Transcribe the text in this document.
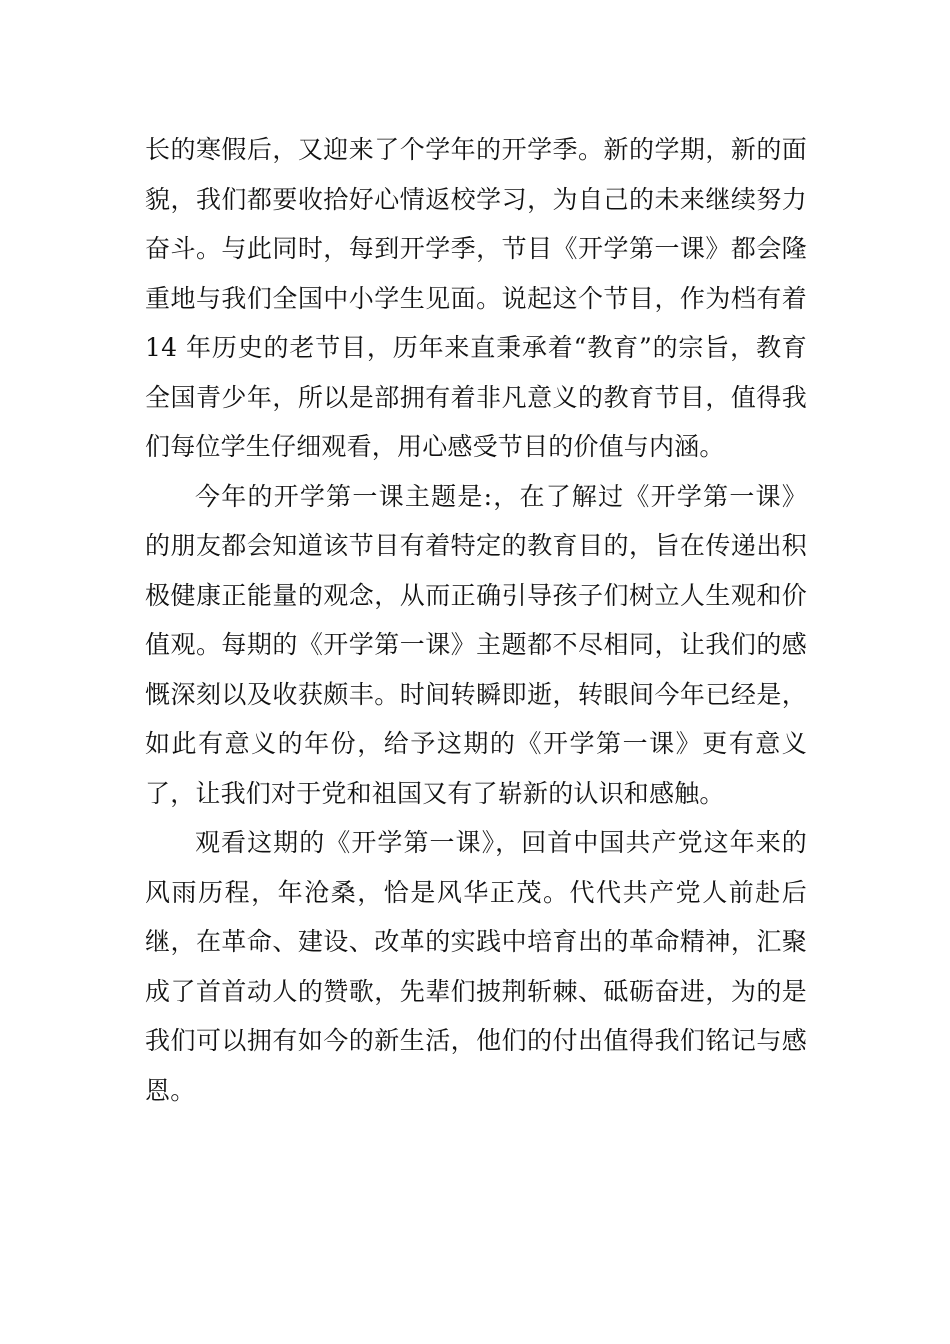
长的寒假后，又迎来了个学年的开学季。新的学期，新的面貌，我们都要收拾好心情返校学习，为自己的未来继续努力奋斗。与此同时，每到开学季，节目《开学第一课》都会隆重地与我们全国中小学生见面。说起这个节目，作为档有着 14 年历史的老节目，历年来直秉承着“教育”的宗旨，教育全国青少年，所以是部拥有着非凡意义的教育节目，值得我们每位学生仔细观看，用心感受节目的价值与内涵。

今年的开学第一课主题是:，在了解过《开学第一课》的朋友都会知道该节目有着特定的教育目的，旨在传递出积极健康正能量的观念，从而正确引导孩子们树立人生观和价值观。每期的《开学第一课》主题都不尽相同，让我们的感慨深刻以及收获颇丰。时间转瞬即逝，转眼间今年已经是，如此有意义的年份，给予这期的《开学第一课》更有意义了，让我们对于党和祖国又有了崭新的认识和感触。

观看这期的《开学第一课》，回首中国共产党这年来的风雨历程，年沧桑，恰是风华正茂。代代共产党人前赴后继，在革命、建设、改革的实践中培育出的革命精神，汇聚成了首首动人的赞歌，先辈们披荆斩棘、砥砺奋进，为的是我们可以拥有如今的新生活，他们的付出值得我们铭记与感恩。
